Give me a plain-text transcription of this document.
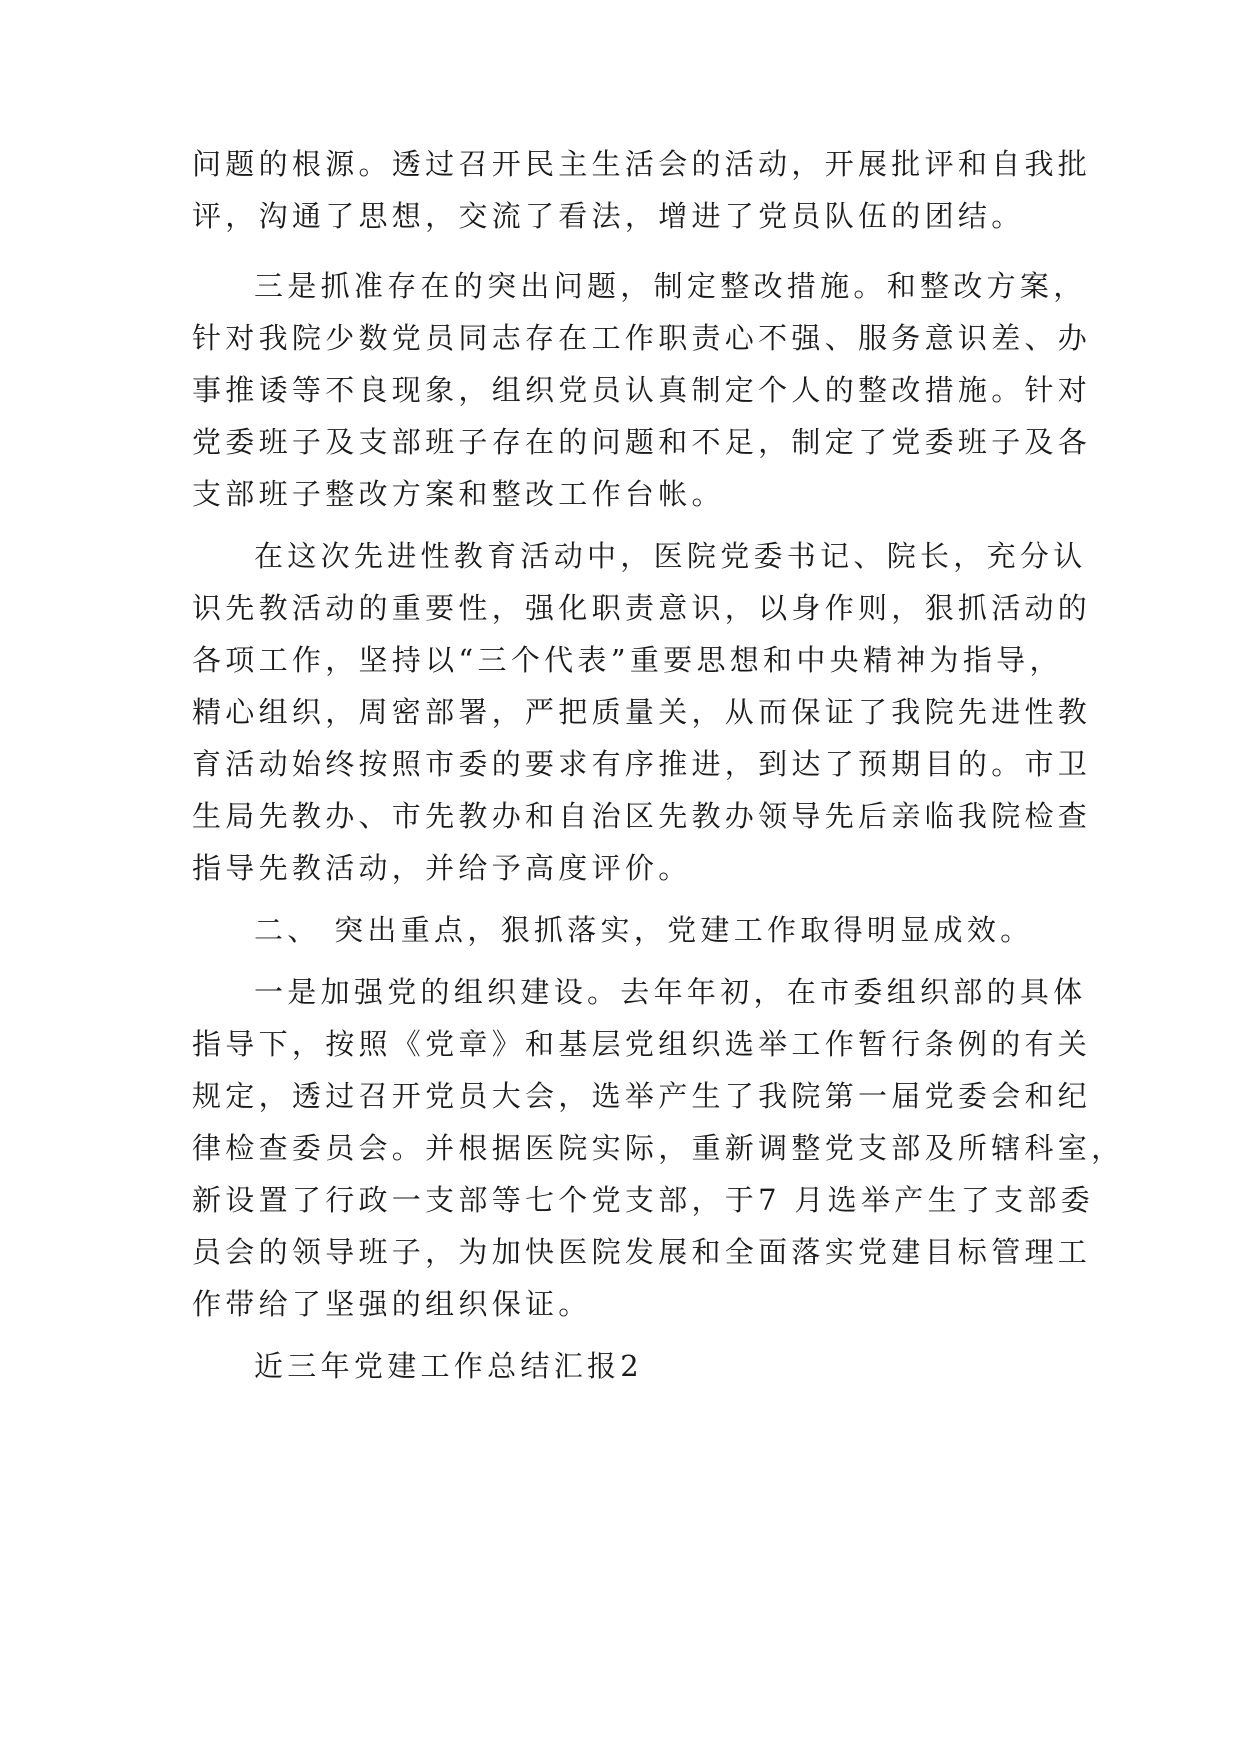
问题的根源。透过召开民主生活会的活动，开展批评和自我批
评，沟通了思想，交流了看法，增进了党员队伍的团结。
三是抓准存在的突出问题，制定整改措施。和整改方案，
针对我院少数党员同志存在工作职责心不强、服务意识差、办
事推诿等不良现象，组织党员认真制定个人的整改措施。针对
党委班子及支部班子存在的问题和不足，制定了党委班子及各
支部班子整改方案和整改工作台帐。
在这次先进性教育活动中，医院党委书记、院长，充分认
识先教活动的重要性，强化职责意识，以身作则，狠抓活动的
各项工作，坚持以“三个代表”重要思想和中央精神为指导，
精心组织，周密部署，严把质量关，从而保证了我院先进性教
育活动始终按照市委的要求有序推进，到达了预期目的。市卫
生局先教办、市先教办和自治区先教办领导先后亲临我院检查
指导先教活动，并给予高度评价。
二、 突出重点，狠抓落实，党建工作取得明显成效。
一是加强党的组织建设。去年年初，在市委组织部的具体
指导下，按照《党章》和基层党组织选举工作暂行条例的有关
规定，透过召开党员大会，选举产生了我院第一届党委会和纪
律检查委员会。并根据医院实际，重新调整党支部及所辖科室，
新设置了行政一支部等七个党支部，于7 月选举产生了支部委
员会的领导班子，为加快医院发展和全面落实党建目标管理工
作带给了坚强的组织保证。
近三年党建工作总结汇报2
